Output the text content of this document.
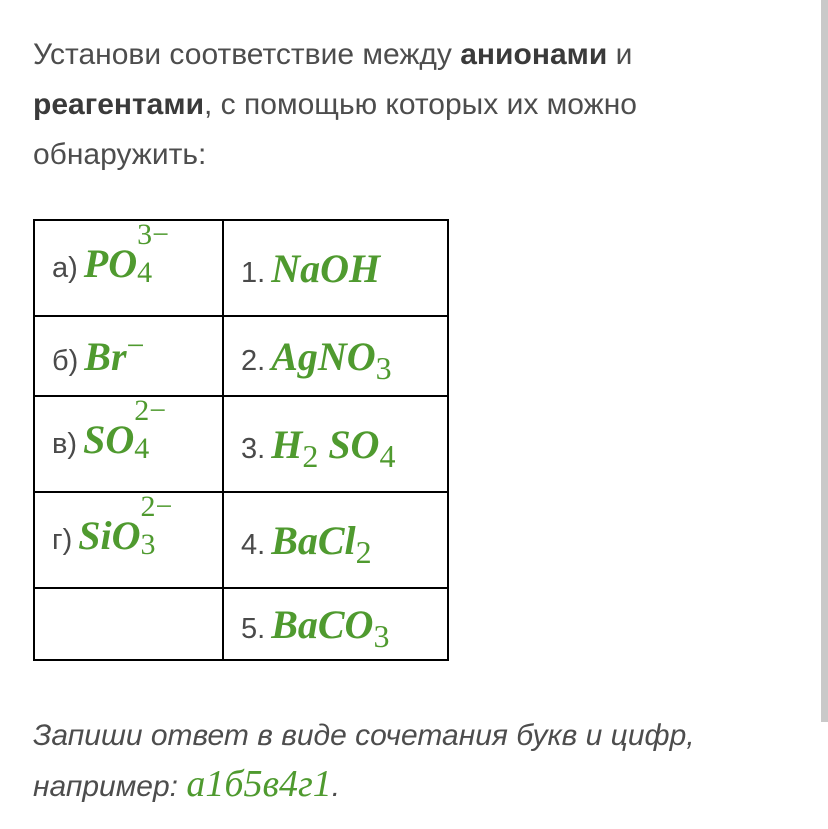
Установи соответствие между анионами и реагентами, с помощью которых их можно обнаружить:
а) PO
3−
4	1. NaOH
б) Br−	2. AgNO$_3$
в) SO
2−
4	3. $H_2$ $SO_4$
г) SiO
2−
3	4. BaCl$_2$
	5. BaCO$_3$
Запиши ответ в виде сочетания букв и цифр, например: а1б5в4г1.
